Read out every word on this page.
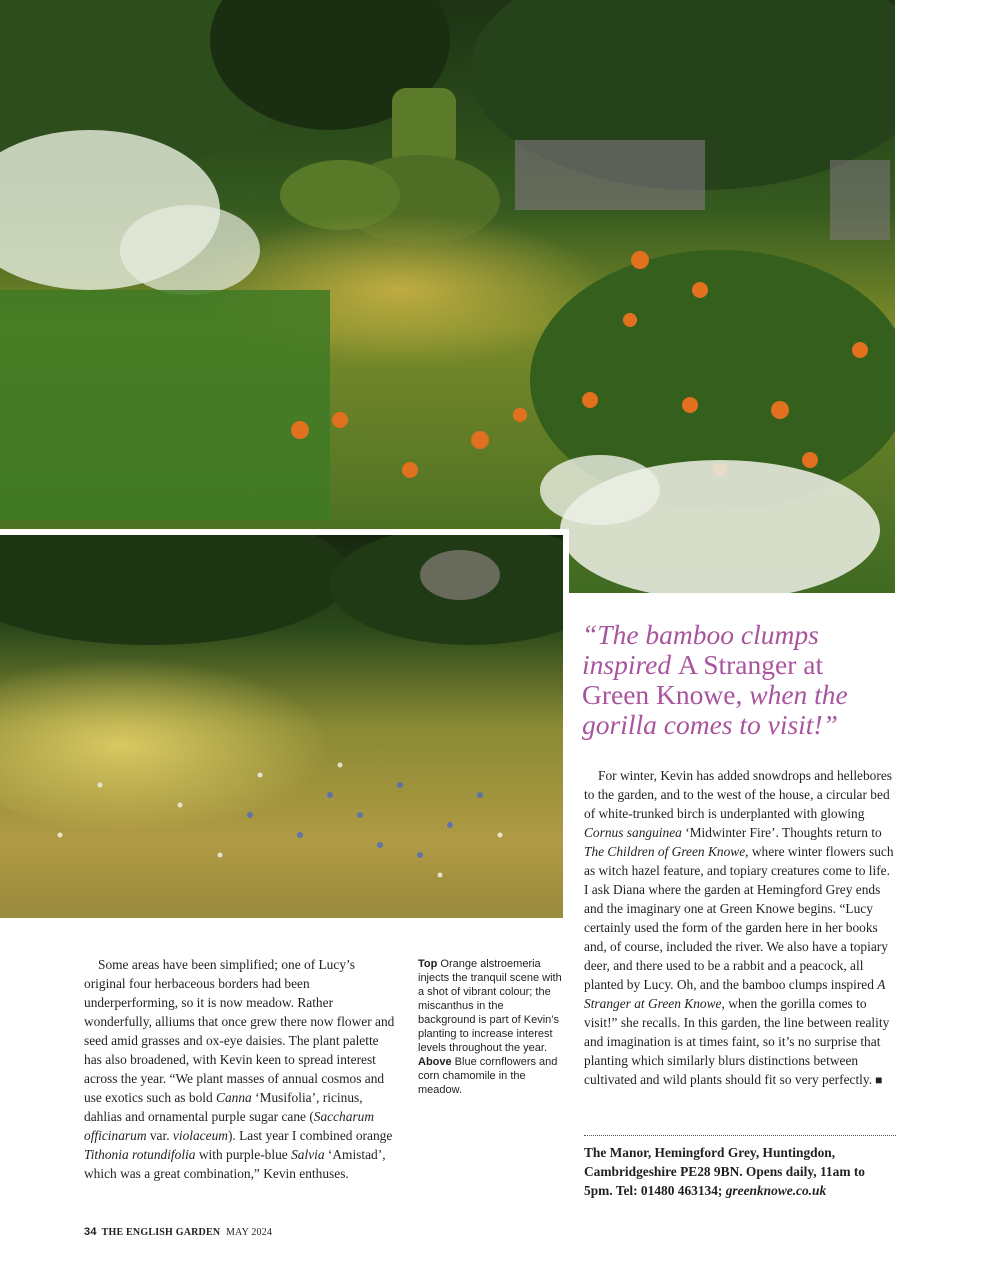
“The bamboo clumps inspired A Stranger at Green Knowe, when the gorilla comes to visit!”

Some areas have been simplified; one of Lucy’s original four herbaceous borders had been underperforming, so it is now meadow. Rather wonderfully, alliums that once grew there now flower and seed amid grasses and ox-eye daisies. The plant palette has also broadened, with Kevin keen to spread interest across the year. “We plant masses of annual cosmos and use exotics such as bold Canna ‘Musifolia’, ricinus, dahlias and ornamental purple sugar cane (Saccharum officinarum var. violaceum). Last year I combined orange Tithonia rotundifolia with purple-blue Salvia ‘Amistad’, which was a great combination,” Kevin enthuses.

Top Orange alstroemeria injects the tranquil scene with a shot of vibrant colour; the miscanthus in the background is part of Kevin’s planting to increase interest levels throughout the year.
Above Blue cornflowers and corn chamomile in the meadow.

For winter, Kevin has added snowdrops and hellebores to the garden, and to the west of the house, a circular bed of white-trunked birch is underplanted with glowing Cornus sanguinea ‘Midwinter Fire’. Thoughts return to The Children of Green Knowe, where winter flowers such as witch hazel feature, and topiary creatures come to life. I ask Diana where the garden at Hemingford Grey ends and the imaginary one at Green Knowe begins. “Lucy certainly used the form of the garden here in her books and, of course, included the river. We also have a topiary deer, and there used to be a rabbit and a peacock, all planted by Lucy. Oh, and the bamboo clumps inspired A Stranger at Green Knowe, when the gorilla comes to visit!” she recalls. In this garden, the line between reality and imagination is at times faint, so it’s no surprise that planting which similarly blurs distinctions between cultivated and wild plants should fit so very perfectly. ■

The Manor, Hemingford Grey, Huntingdon, Cambridgeshire PE28 9BN. Opens daily, 11am to 5pm. Tel: 01480 463134; greenknowe.co.uk
34 THE ENGLISH GARDEN MAY 2024
